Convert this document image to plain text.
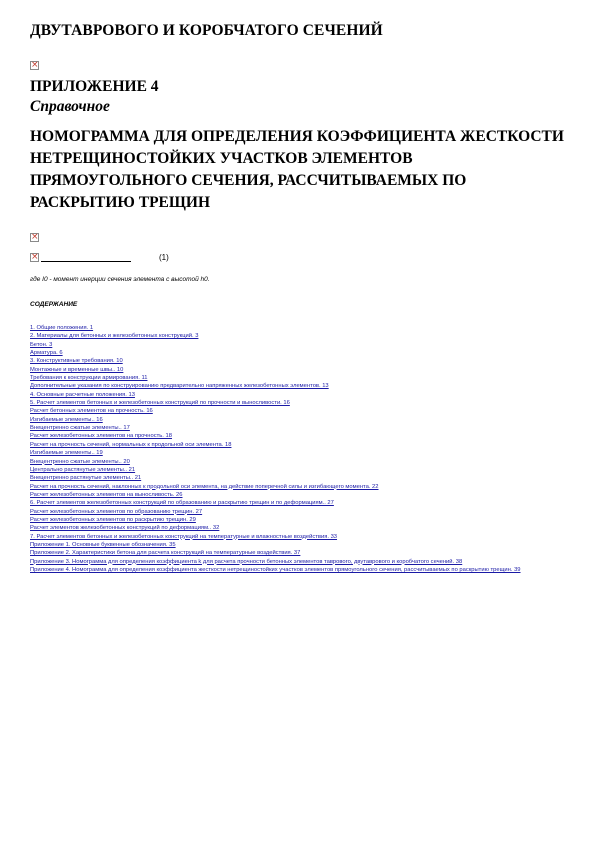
ДВУТАВРОВОГО И КОРОБЧАТОГО СЕЧЕНИЙ
×
ПРИЛОЖЕНИЕ 4
Справочное
НОМОГРАММА ДЛЯ ОПРЕДЕЛЕНИЯ КОЭФФИЦИЕНТА ЖЕСТКОСТИ НЕТРЕЩИНОСТОЙКИХ УЧАСТКОВ ЭЛЕМЕНТОВ ПРЯМОУГОЛЬНОГО СЕЧЕНИЯ, РАССЧИТЫВАЕМЫХ ПО РАСКРЫТИЮ ТРЕЩИН
×
×
(1)
где I0 - момент инерции сечения элемента с высотой h0.
СОДЕРЖАНИЕ
1. Общие положения. 1
2. Материалы для бетонных и железобетонных конструкций. 3
Бетон. 3
Арматура. 6
3. Конструктивные требования. 10
Монтажные и временные швы.. 10
Требования к конструкции армирования. 11
Дополнительные указания по конструированию предварительно напряженных железобетонных элементов. 13
4. Основные расчетные положения. 13
5. Расчет элементов бетонных и железобетонных конструкций по прочности и выносливости. 16
Расчет бетонных элементов на прочность. 16
Изгибаемые элементы.. 16
Внецентренно сжатые элементы.. 17
Расчет железобетонных элементов на прочность. 18
Расчет на прочность сечений, нормальных к продольной оси элемента. 18
Изгибаемые элементы.. 19
Внецентренно сжатые элементы.. 20
Центрально растянутые элементы.. 21
Внецентренно растянутые элементы.. 21
Расчет на прочность сечений, наклонных к продольной оси элемента, на действие поперечной силы и изгибающего момента. 22
Расчет железобетонных элементов на выносливость. 26
6. Расчет элементов железобетонных конструкций по образованию и раскрытию трещин и по деформациям.. 27
Расчет железобетонных элементов по образованию трещин. 27
Расчет железобетонных элементов по раскрытию трещин. 29
Расчет элементов железобетонных конструкций по деформациям.. 32
7. Расчет элементов бетонных и железобетонных конструкций на температурные и влажностные воздействия. 33
Приложение 1. Основные буквенные обозначения. 35
Приложение 2. Характеристики бетона для расчета конструкций на температурные воздействия. 37
Приложение 3. Номограмма для определения коэффициента k для расчета прочности бетонных элементов таврового, двутаврового и коробчатого сечений. 38
Приложение 4. Номограмма для определения коэффициента жесткости нетрещиностойких участков элементов прямоугольного сечения, рассчитываемых по раскрытию трещин. 39
